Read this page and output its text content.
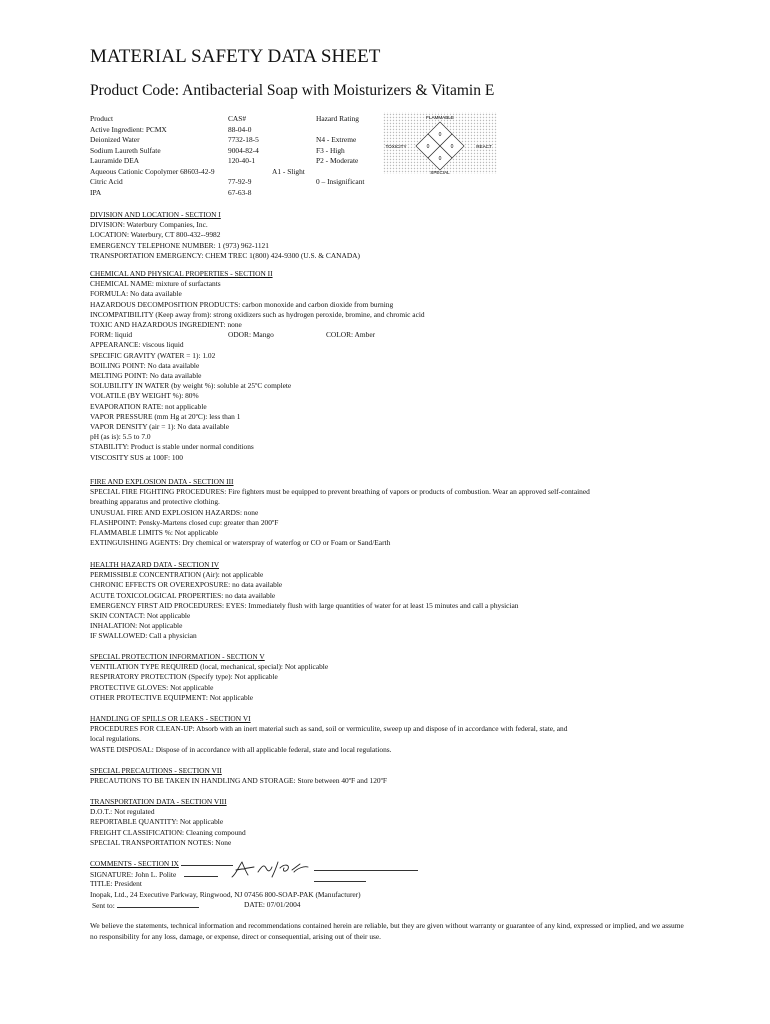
MATERIAL SAFETY DATA SHEET
Product Code: Antibacterial Soap with Moisturizers & Vitamin E
Product	CAS#	Hazard Rating
Active Ingredient: PCMX	88-04-0
Deionized Water	7732-18-5	N4 - Extreme
Sodium Laureth Sulfate	9004-82-4	F3 - High
Lauramide DEA	120-40-1	P2 - Moderate
Aqueous Cationic Copolymer 68603-42-9	A1 - Slight
Citric Acid	77-92-9	0 – Insignificant
IPA	67-63-8
FLAMMABLE
TOXICITY	REACT
SPECIAL
0
0	0
0
DIVISION AND LOCATION - SECTION I
DIVISION: Waterbury Companies, Inc.
LOCATION: Waterbury, CT 800-432--9982
EMERGENCY TELEPHONE NUMBER: 1 (973) 962-1121
TRANSPORTATION EMERGENCY: CHEM TREC 1(800) 424-9300 (U.S. & CANADA)
CHEMICAL AND PHYSICAL PROPERTIES - SECTION II
CHEMICAL NAME: mixture of surfactants
FORMULA: No data available
HAZARDOUS DECOMPOSITION PRODUCTS: carbon monoxide and carbon dioxide from burning
INCOMPATIBILITY (Keep away from): strong oxidizers such as hydrogen peroxide, bromine, and chromic acid
TOXIC AND HAZARDOUS INGREDIENT: none
FORM: liquid	ODOR: Mango	COLOR: Amber
APPEARANCE: viscous liquid
SPECIFIC GRAVITY (WATER = 1): 1.02
BOILING POINT: No data available
MELTING POINT: No data available
SOLUBILITY IN WATER (by weight %): soluble at 25ºC complete
VOLATILE (BY WEIGHT %): 80%
EVAPORATION RATE: not applicable
VAPOR PRESSURE (mm Hg at 20ºC): less than 1
VAPOR DENSITY (air = 1): No data available
pH (as is): 5.5 to 7.0
STABILITY: Product is stable under normal conditions
VISCOSITY SUS at 100F: 100
FIRE AND EXPLOSION DATA - SECTION III
SPECIAL FIRE FIGHTING PROCEDURES: Fire fighters must be equipped to prevent breathing of vapors or products of combustion. Wear an approved self-contained
breathing apparatus and protective clothing.
UNUSUAL FIRE AND EXPLOSION HAZARDS: none
FLASHPOINT: Pensky-Martens closed cup: greater than 200ºF
FLAMMABLE LIMITS %: Not applicable
EXTINGUISHING AGENTS: Dry chemical or waterspray of waterfog or CO or Foam or Sand/Earth
HEALTH HAZARD DATA - SECTION IV
PERMISSIBLE CONCENTRATION (Air): not applicable
CHRONIC EFFECTS OR OVEREXPOSURE: no data available
ACUTE TOXICOLOGICAL PROPERTIES: no data available
EMERGENCY FIRST AID PROCEDURES: EYES: Immediately flush with large quantities of water for at least 15 minutes and call a physician
SKIN CONTACT: Not applicable
INHALATION: Not applicable
IF SWALLOWED: Call a physician
SPECIAL PROTECTION INFORMATION - SECTION V
VENTILATION TYPE REQUIRED (local, mechanical, special): Not applicable
RESPIRATORY PROTECTION (Specify type): Not applicable
PROTECTIVE GLOVES: Not applicable
OTHER PROTECTIVE EQUIPMENT: Not applicable
HANDLING OF SPILLS OR LEAKS - SECTION VI
PROCEDURES FOR CLEAN-UP: Absorb with an inert material such as sand, soil or vermiculite, sweep up and dispose of in accordance with federal, state, and
local regulations.
WASTE DISPOSAL: Dispose of in accordance with all applicable federal, state and local regulations.
SPECIAL PRECAUTIONS - SECTION VII
PRECAUTIONS TO BE TAKEN IN HANDLING AND STORAGE: Store between 40ºF and 120ºF
TRANSPORTATION DATA - SECTION VIII
D.O.T.: Not regulated
REPORTABLE QUANTITY: Not applicable
FREIGHT CLASSIFICATION: Cleaning compound
SPECIAL TRANSPORTATION NOTES: None
COMMENTS - SECTION IX
SIGNATURE: John L. Polite
TITLE: President
Inopak, Ltd., 24 Executive Parkway, Ringwood, NJ 07456 800-SOAP-PAK (Manufacturer)
Sent to:	DATE: 07/01/2004
We believe the statements, technical information and recommendations contained herein are reliable, but they are given without warranty or guarantee of any kind, expressed or implied, and we assume no responsibility for any loss, damage, or expense, direct or consequential, arising out of their use.
